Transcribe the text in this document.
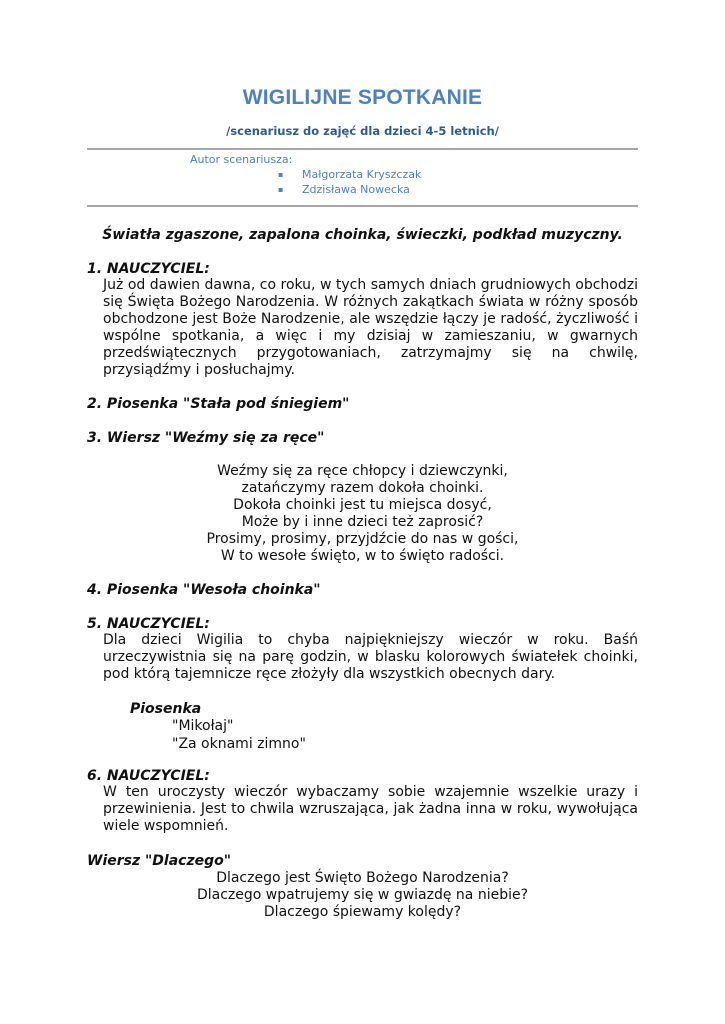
WIGILIJNE SPOTKANIE
/scenariusz do zajęć dla dzieci 4-5 letnich/
Autor scenariusza:
▪ Małgorzata Kryszczak
▪ Zdzisława Nowecka
Światła zgaszone, zapalona choinka, świeczki, podkład muzyczny.
1. NAUCZYCIEL:
Już od dawien dawna, co roku, w tych samych dniach grudniowych obchodzi się Święta Bożego Narodzenia. W różnych zakątkach świata w różny sposób obchodzone jest Boże Narodzenie, ale wszędzie łączy je radość, życzliwość i wspólne spotkania, a więc i my dzisiaj w zamieszaniu, w gwarnych przedświątecznych przygotowaniach, zatrzymajmy się na chwilę, przysiądźmy i posłuchajmy.
2. Piosenka "Stała pod śniegiem"
3. Wiersz "Weźmy się za ręce"
Weźmy się za ręce chłopcy i dziewczynki,
zatańczymy razem dokoła choinki.
Dokoła choinki jest tu miejsca dosyć,
Może by i inne dzieci też zaprosić?
Prosimy, prosimy, przyjdźcie do nas w gości,
W to wesołe święto, w to święto radości.
4. Piosenka "Wesoła choinka"
5. NAUCZYCIEL:
Dla dzieci Wigilia to chyba najpiękniejszy wieczór w roku. Baśń urzeczywistnia się na parę godzin, w blasku kolorowych światełek choinki, pod którą tajemnicze ręce złożyły dla wszystkich obecnych dary.
Piosenka
"Mikołaj"
"Za oknami zimno"
6. NAUCZYCIEL:
W ten uroczysty wieczór wybaczamy sobie wzajemnie wszelkie urazy i przewinienia. Jest to chwila wzruszająca, jak żadna inna w roku, wywołująca wiele wspomnień.
Wiersz "Dlaczego"
Dlaczego jest Święto Bożego Narodzenia?
Dlaczego wpatrujemy się w gwiazdę na niebie?
Dlaczego śpiewamy kolędy?
